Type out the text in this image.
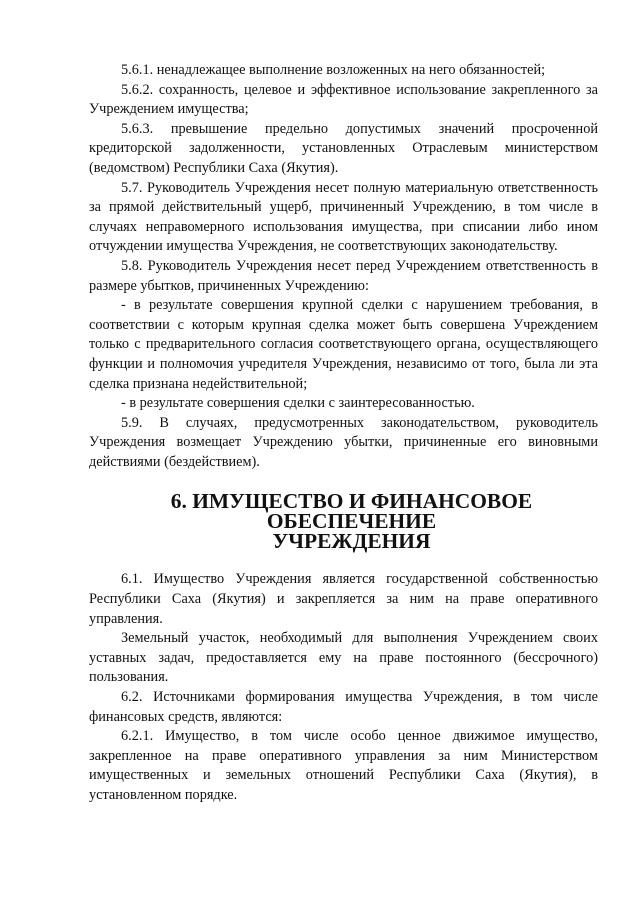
5.6.1. ненадлежащее выполнение возложенных на него обязанностей;

5.6.2. сохранность, целевое и эффективное использование закрепленного за Учреждением имущества;

5.6.3. превышение предельно допустимых значений просроченной кредиторской задолженности, установленных Отраслевым министерством (ведомством) Республики Саха (Якутия).

5.7. Руководитель Учреждения несет полную материальную ответственность за прямой действительный ущерб, причиненный Учреждению, в том числе в случаях неправомерного использования имущества, при списании либо ином отчуждении имущества Учреждения, не соответствующих законодательству.

5.8. Руководитель Учреждения несет перед Учреждением ответственность в размере убытков, причиненных Учреждению:

- в результате совершения крупной сделки с нарушением требования, в соответствии с которым крупная сделка может быть совершена Учреждением только с предварительного согласия соответствующего органа, осуществляющего функции и полномочия учредителя Учреждения, независимо от того, была ли эта сделка признана недействительной;

- в результате совершения сделки с заинтересованностью.

5.9. В случаях, предусмотренных законодательством, руководитель Учреждения возмещает Учреждению убытки, причиненные его виновными действиями (бездействием).

6. ИМУЩЕСТВО И ФИНАНСОВОЕ ОБЕСПЕЧЕНИЕ
УЧРЕЖДЕНИЯ

6.1. Имущество Учреждения является государственной собственностью Республики Саха (Якутия) и закрепляется за ним на праве оперативного управления.

Земельный участок, необходимый для выполнения Учреждением своих уставных задач, предоставляется ему на праве постоянного (бессрочного) пользования.

6.2. Источниками формирования имущества Учреждения, в том числе финансовых средств, являются:

6.2.1. Имущество, в том числе особо ценное движимое имущество, закрепленное на праве оперативного управления за ним Министерством имущественных и земельных отношений Республики Саха (Якутия), в установленном порядке.
